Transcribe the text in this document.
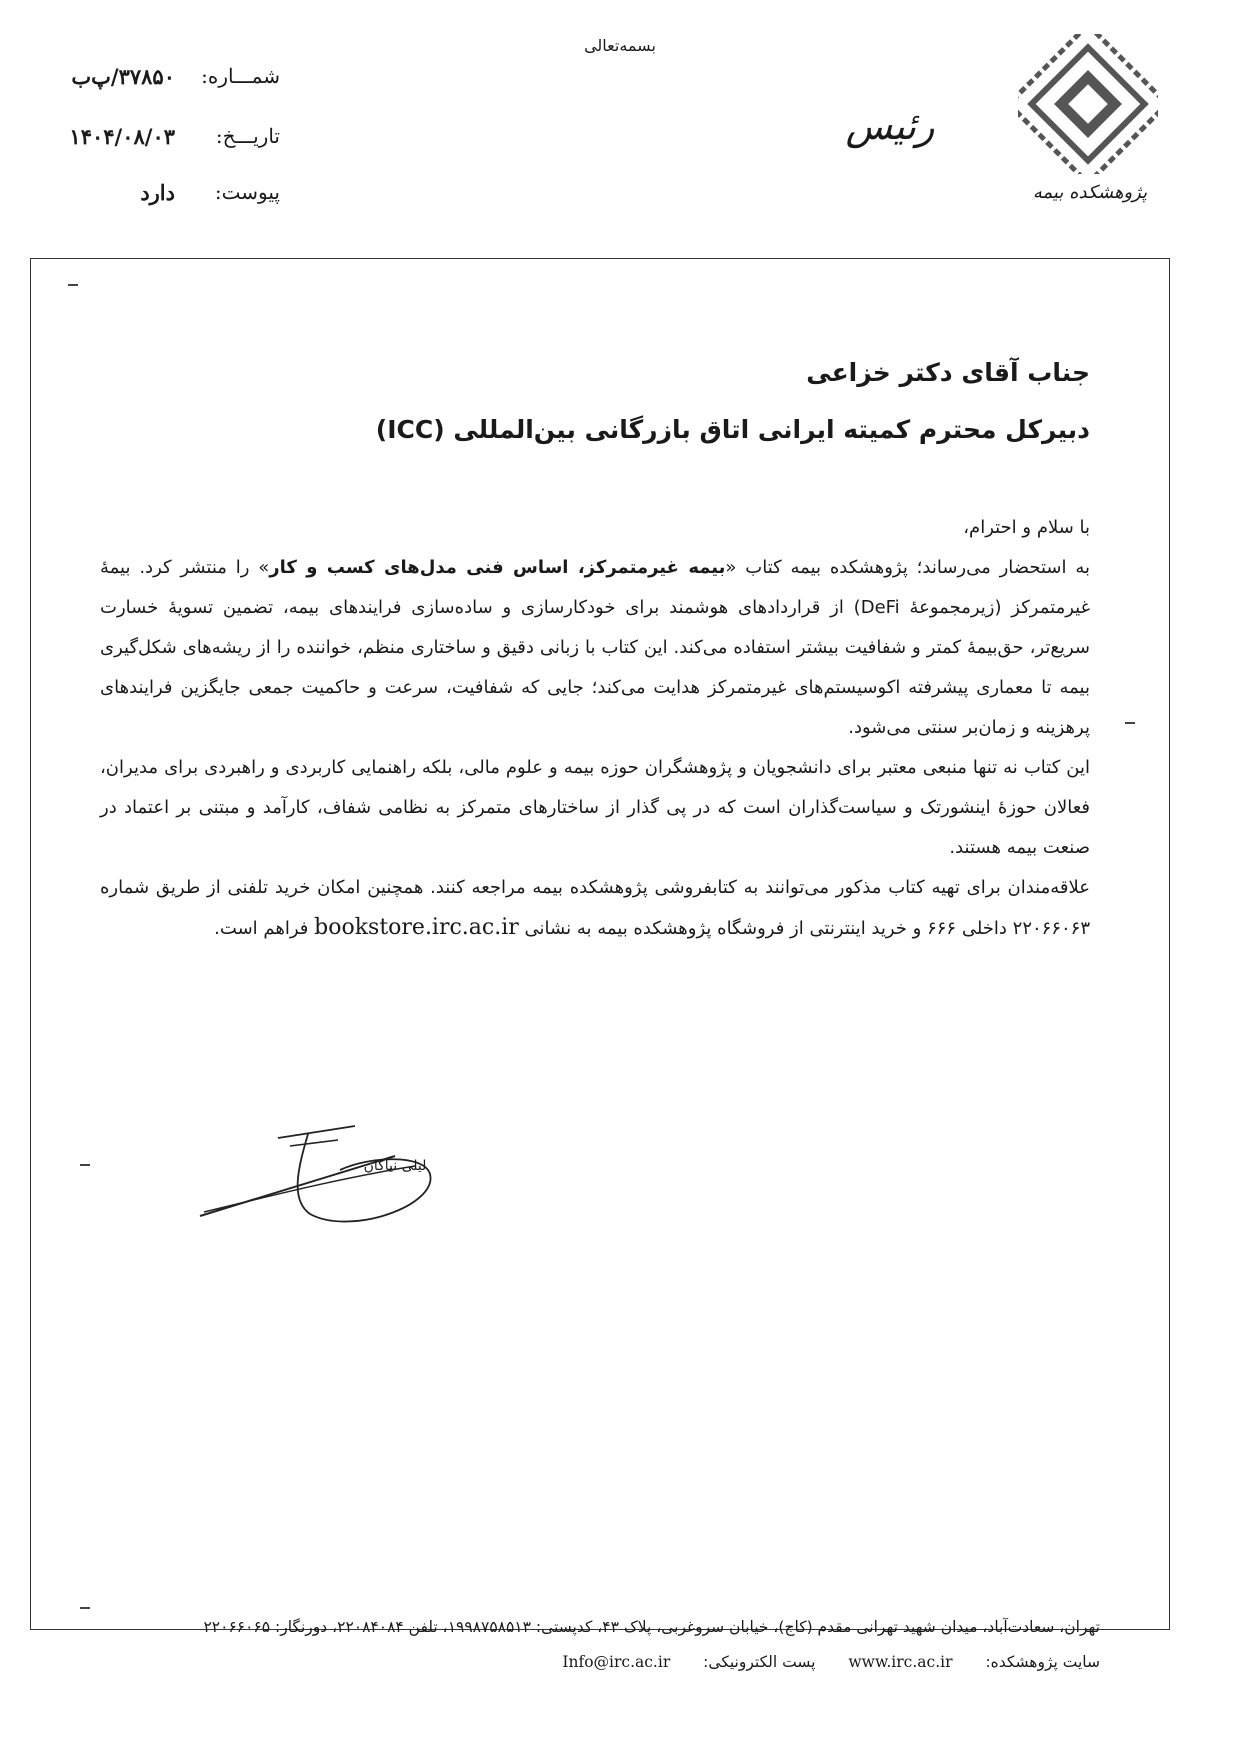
بسمه‌تعالی
شمـــاره:
۳۷۸۵۰/پ‌ب
تاریـــخ:
۱۴۰۴/۰۸/۰۳
پیوست:
دارد
رئیس
پژوهشکده بیمه
جناب آقای دکتر خزاعی
دبیرکل محترم کمیته ایرانی اتاق بازرگانی بین‌المللی (ICC)

با سلام و احترام،

به استحضار می‌رساند؛ پژوهشکده بیمه کتاب «بیمه غیرمتمرکز، اساس فنی مدل‌های کسب و کار» را منتشر کرد. بیمهٔ غیرمتمرکز (زیرمجموعهٔ DeFi) از قراردادهای هوشمند برای خودکارسازی و ساده‌سازی فرایندهای بیمه، تضمین تسویهٔ خسارت سریع‌تر، حق‌بیمهٔ کمتر و شفافیت بیشتر استفاده می‌کند. این کتاب با زبانی دقیق و ساختاری منظم، خواننده را از ریشه‌های شکل‌گیری بیمه تا معماری پیشرفته اکوسیستم‌های غیرمتمرکز هدایت می‌کند؛ جایی که شفافیت، سرعت و حاکمیت جمعی جایگزین فرایندهای پرهزینه و زمان‌بر سنتی می‌شود.

این کتاب نه تنها منبعی معتبر برای دانشجویان و پژوهشگران حوزه بیمه و علوم مالی، بلکه راهنمایی کاربردی و راهبردی برای مدیران، فعالان حوزهٔ اینشورتک و سیاست‌گذاران است که در پی گذار از ساختارهای متمرکز به نظامی شفاف، کارآمد و مبتنی بر اعتماد در صنعت بیمه هستند.

علاقه‌مندان برای تهیه کتاب مذکور می‌توانند به کتابفروشی پژوهشکده بیمه مراجعه کنند. همچنین امکان خرید تلفنی از طریق شماره ۲۲۰۶۶۰۶۳ داخلی ۶۶۶ و خرید اینترنتی از فروشگاه پژوهشکده بیمه به نشانی bookstore.irc.ac.ir فراهم است.

لیلی نیاکان
تهران، سعادت‌آباد، میدان شهید تهرانی مقدم (کاج)، خیابان سروغربی، پلاک ۴۳، کدپستی: ۱۹۹۸۷۵۸۵۱۳، تلفن ۲۲۰۸۴۰۸۴، دورنگار: ۲۲۰۶۶۰۶۵
سایت پژوهشکده: www.irc.ac.ir پست الکترونیکی: Info@irc.ac.ir
